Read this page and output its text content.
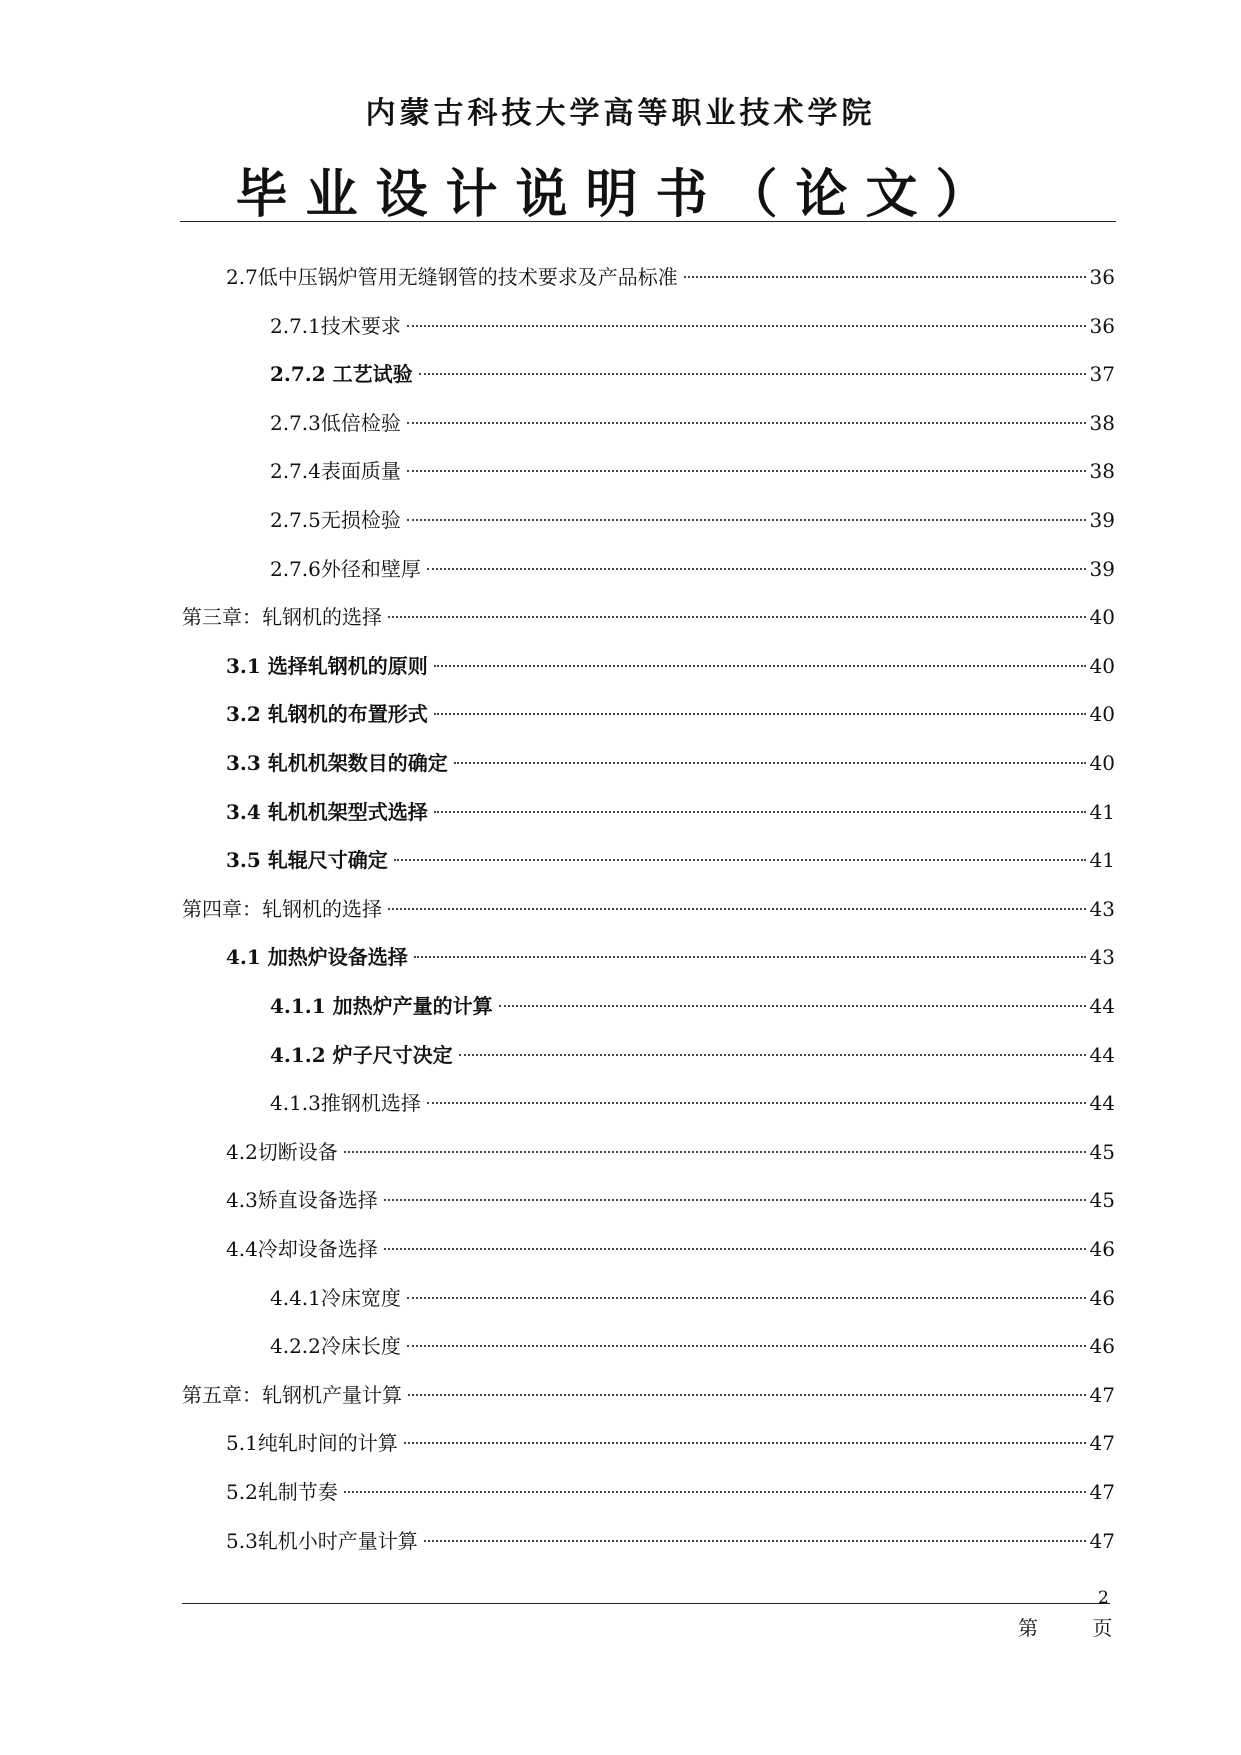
内蒙古科技大学高等职业技术学院
毕业设计说明书（论文）
2.7低中压锅炉管用无缝钢管的技术要求及产品标准	36
2.7.1技术要求	36
2.7.2 工艺试验	37
2.7.3低倍检验	38
2.7.4表面质量	38
2.7.5无损检验	39
2.7.6外径和壁厚	39
第三章：轧钢机的选择	40
3.1 选择轧钢机的原则	40
3.2 轧钢机的布置形式	40
3.3 轧机机架数目的确定	40
3.4 轧机机架型式选择	41
3.5 轧辊尺寸确定	41
第四章：轧钢机的选择	43
4.1 加热炉设备选择	43
4.1.1 加热炉产量的计算	44
4.1.2 炉子尺寸决定	44
4.1.3推钢机选择	44
4.2切断设备	45
4.3矫直设备选择	45
4.4冷却设备选择	46
4.4.1冷床宽度	46
4.2.2冷床长度	46
第五章：轧钢机产量计算	47
5.1纯轧时间的计算	47
5.2轧制节奏	47
5.3轧机小时产量计算	47
2
第	页
